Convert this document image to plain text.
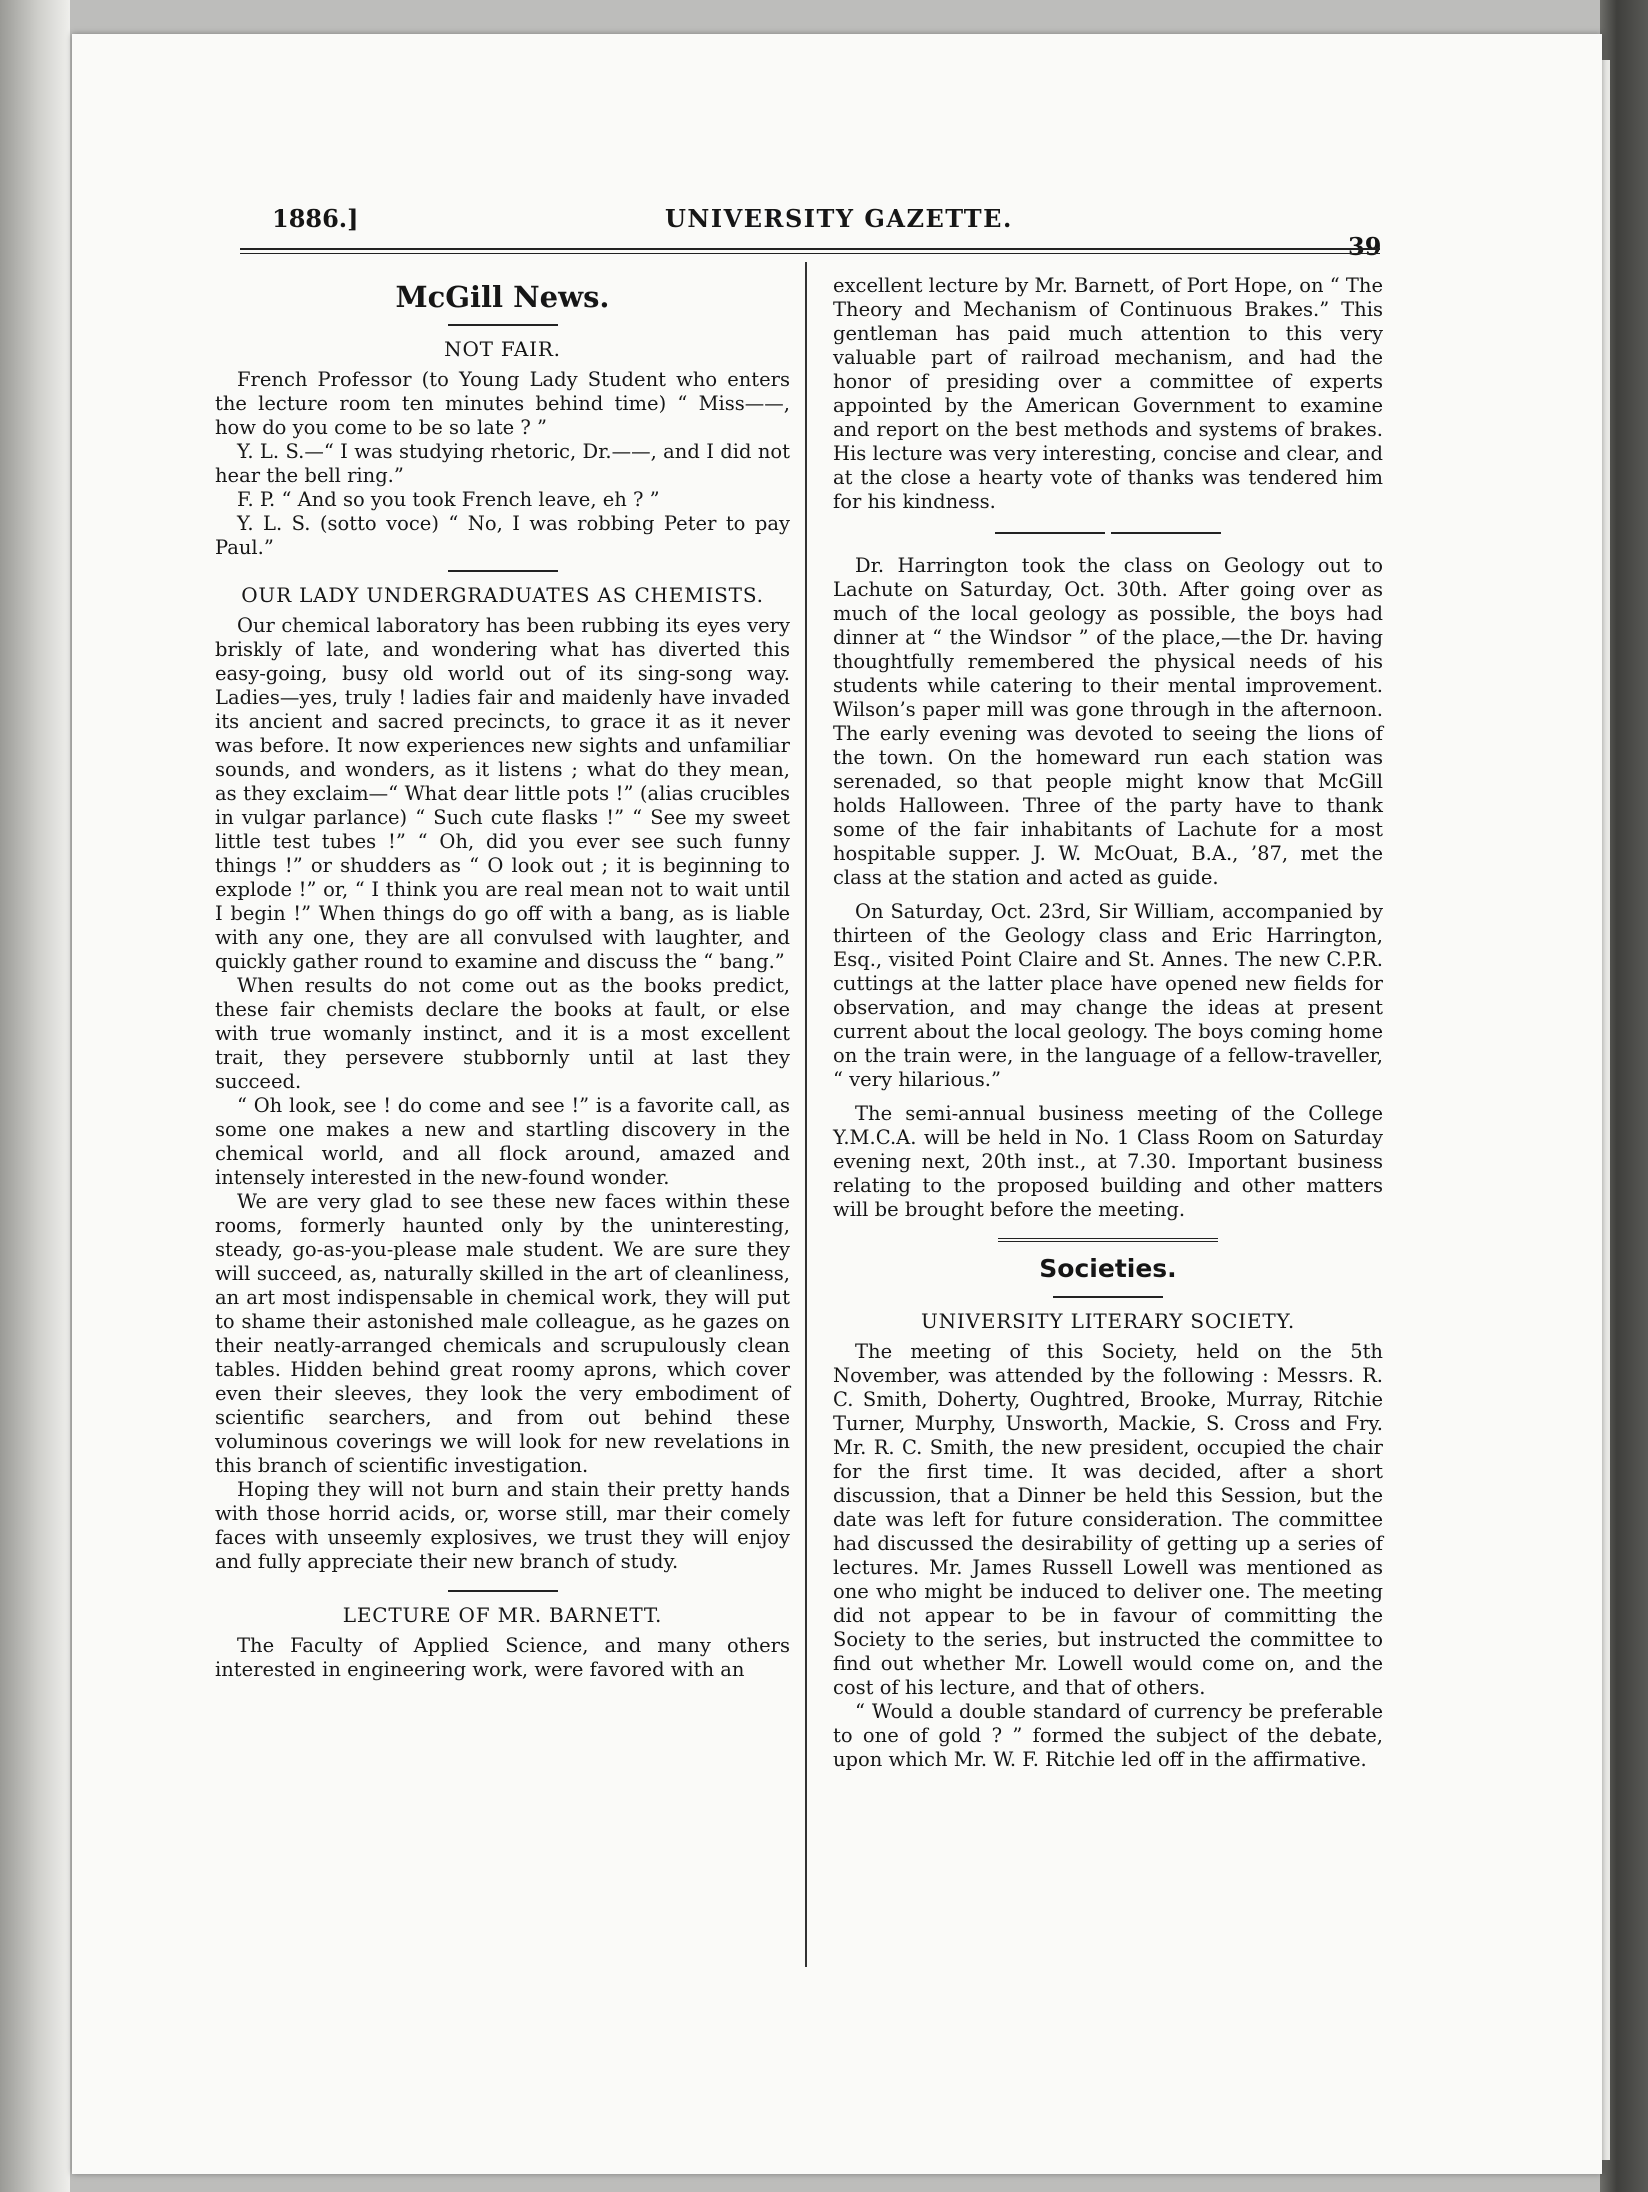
1886.]	UNIVERSITY GAZETTE.
39
McGill News.
NOT FAIR.

French Professor (to Young Lady Student who enters the lecture room ten minutes behind time) “ Miss——, how do you come to be so late ? ”

Y. L. S.—“ I was studying rhetoric, Dr.——, and I did not hear the bell ring.”

F. P. “ And so you took French leave, eh ? ”

Y. L. S. (sotto voce) “ No, I was robbing Peter to pay Paul.”

OUR LADY UNDERGRADUATES AS CHEMISTS.

Our chemical laboratory has been rubbing its eyes very briskly of late, and wondering what has diverted this easy-going, busy old world out of its sing-song way. Ladies—yes, truly ! ladies fair and maidenly have invaded its ancient and sacred precincts, to grace it as it never was before. It now experiences new sights and unfamiliar sounds, and wonders, as it listens ; what do they mean, as they exclaim—“ What dear little pots !” (alias crucibles in vulgar parlance) “ Such cute flasks !” “ See my sweet little test tubes !” “ Oh, did you ever see such funny things !” or shudders as “ O look out ; it is beginning to explode !” or, “ I think you are real mean not to wait until I begin !” When things do go off with a bang, as is liable with any one, they are all convulsed with laughter, and quickly gather round to examine and discuss the “ bang.”

When results do not come out as the books predict, these fair chemists declare the books at fault, or else with true womanly instinct, and it is a most excellent trait, they persevere stubbornly until at last they succeed.

“ Oh look, see ! do come and see !” is a favorite call, as some one makes a new and startling discovery in the chemical world, and all flock around, amazed and intensely interested in the new-found wonder.

We are very glad to see these new faces within these rooms, formerly haunted only by the uninteresting, steady, go-as-you-please male student. We are sure they will succeed, as, naturally skilled in the art of cleanliness, an art most indispensable in chemical work, they will put to shame their astonished male colleague, as he gazes on their neatly-arranged chemicals and scrupulously clean tables. Hidden behind great roomy aprons, which cover even their sleeves, they look the very embodiment of scientific searchers, and from out behind these voluminous coverings we will look for new revelations in this branch of scientific investigation.

Hoping they will not burn and stain their pretty hands with those horrid acids, or, worse still, mar their comely faces with unseemly explosives, we trust they will enjoy and fully appreciate their new branch of study.

LECTURE OF MR. BARNETT.

The Faculty of Applied Science, and many others interested in engineering work, were favored with an

excellent lecture by Mr. Barnett, of Port Hope, on “ The Theory and Mechanism of Continuous Brakes.” This gentleman has paid much attention to this very valuable part of railroad mechanism, and had the honor of presiding over a committee of experts appointed by the American Government to examine and report on the best methods and systems of brakes. His lecture was very interesting, concise and clear, and at the close a hearty vote of thanks was tendered him for his kindness.

Dr. Harrington took the class on Geology out to Lachute on Saturday, Oct. 30th. After going over as much of the local geology as possible, the boys had dinner at “ the Windsor ” of the place,—the Dr. having thoughtfully remembered the physical needs of his students while catering to their mental improvement. Wilson’s paper mill was gone through in the afternoon. The early evening was devoted to seeing the lions of the town. On the homeward run each station was serenaded, so that people might know that McGill holds Halloween. Three of the party have to thank some of the fair inhabitants of Lachute for a most hospitable supper. J. W. McOuat, B.A., ’87, met the class at the station and acted as guide.

On Saturday, Oct. 23rd, Sir William, accompanied by thirteen of the Geology class and Eric Harrington, Esq., visited Point Claire and St. Annes. The new C.P.R. cuttings at the latter place have opened new fields for observation, and may change the ideas at present current about the local geology. The boys coming home on the train were, in the language of a fellow-traveller, “ very hilarious.”

The semi-annual business meeting of the College Y.M.C.A. will be held in No. 1 Class Room on Saturday evening next, 20th inst., at 7.30. Important business relating to the proposed building and other matters will be brought before the meeting.

Societies.
UNIVERSITY LITERARY SOCIETY.

The meeting of this Society, held on the 5th November, was attended by the following : Messrs. R. C. Smith, Doherty, Oughtred, Brooke, Murray, Ritchie Turner, Murphy, Unsworth, Mackie, S. Cross and Fry. Mr. R. C. Smith, the new president, occupied the chair for the first time. It was decided, after a short discussion, that a Dinner be held this Session, but the date was left for future consideration. The committee had discussed the desirability of getting up a series of lectures. Mr. James Russell Lowell was mentioned as one who might be induced to deliver one. The meeting did not appear to be in favour of committing the Society to the series, but instructed the committee to find out whether Mr. Lowell would come on, and the cost of his lecture, and that of others.

“ Would a double standard of currency be preferable to one of gold ? ” formed the subject of the debate, upon which Mr. W. F. Ritchie led off in the affirmative.
